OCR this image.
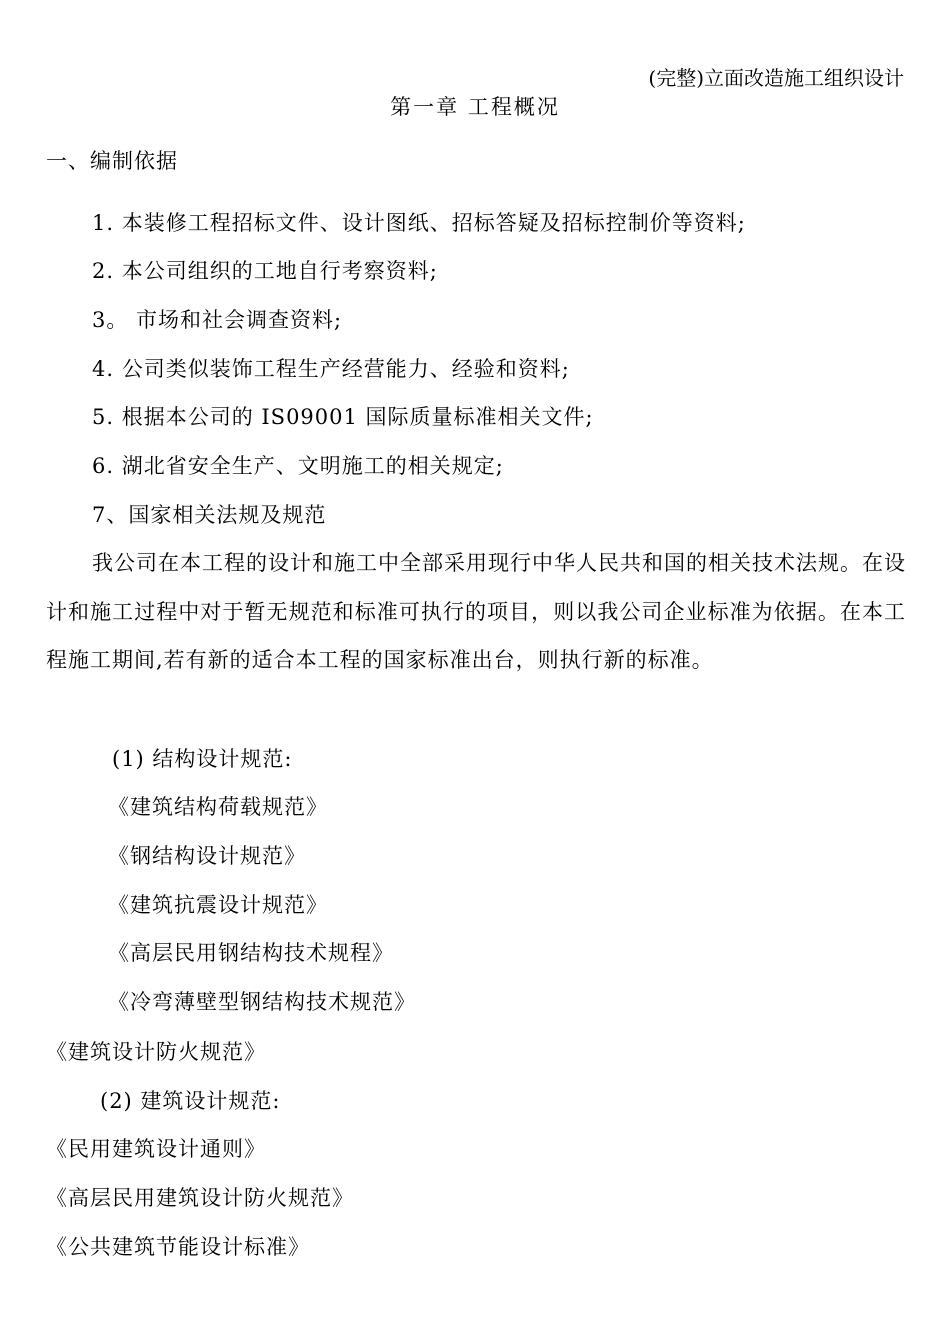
(完整)立面改造施工组织设计
第一章 工程概况
一、编制依据
1. 本装修工程招标文件、设计图纸、招标答疑及招标控制价等资料;
2. 本公司组织的工地自行考察资料;
3。 市场和社会调查资料;
4. 公司类似装饰工程生产经营能力、经验和资料;
5. 根据本公司的 IS09001 国际质量标准相关文件;
6. 湖北省安全生产、文明施工的相关规定;
7、国家相关法规及规范
我公司在本工程的设计和施工中全部采用现行中华人民共和国的相关技术法规。在设计和施工过程中对于暂无规范和标准可执行的项目，则以我公司企业标准为依据。在本工程施工期间,若有新的适合本工程的国家标准出台，则执行新的标准。
(1) 结构设计规范:
《建筑结构荷载规范》
《钢结构设计规范》
《建筑抗震设计规范》
《高层民用钢结构技术规程》
《冷弯薄壁型钢结构技术规范》
《建筑设计防火规范》
(2) 建筑设计规范:
《民用建筑设计通则》
《高层民用建筑设计防火规范》
《公共建筑节能设计标准》
